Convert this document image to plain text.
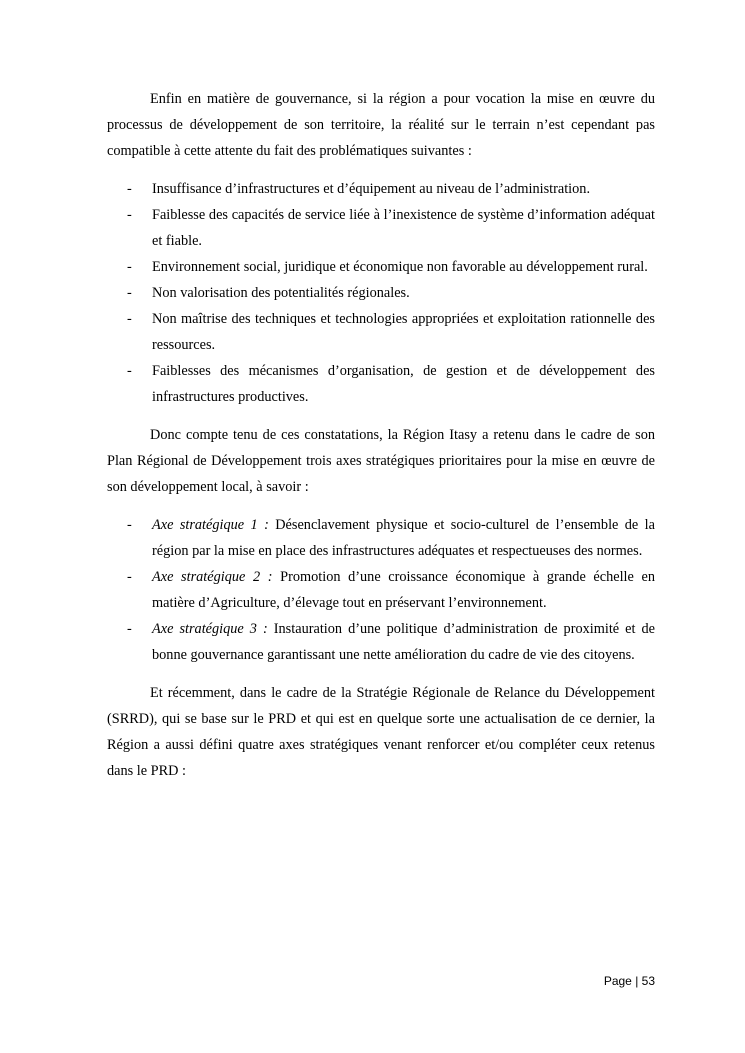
Enfin en matière de gouvernance, si la région a pour vocation la mise en œuvre du processus de développement de son territoire, la réalité sur le terrain n’est cependant pas compatible à cette attente du fait des problématiques suivantes :

- Insuffisance d’infrastructures et d’équipement au niveau de l’administration.
- Faiblesse des capacités de service liée à l’inexistence de système d’information adéquat et fiable.
- Environnement social, juridique et économique non favorable au développement rural.
- Non valorisation des potentialités régionales.
- Non maîtrise des techniques et technologies appropriées et exploitation rationnelle des ressources.
- Faiblesses des mécanismes d’organisation, de gestion et de développement des infrastructures productives.

Donc compte tenu de ces constatations, la Région Itasy a retenu dans le cadre de son Plan Régional de Développement trois axes stratégiques prioritaires pour la mise en œuvre de son développement local, à savoir :

- Axe stratégique 1 : Désenclavement physique et socio-culturel de l’ensemble de la région par la mise en place des infrastructures adéquates et respectueuses des normes.
- Axe stratégique 2 : Promotion d’une croissance économique à grande échelle en matière d’Agriculture, d’élevage tout en préservant l’environnement.
- Axe stratégique 3 : Instauration d’une politique d’administration de proximité et de bonne gouvernance garantissant une nette amélioration du cadre de vie des citoyens.

Et récemment, dans le cadre de la Stratégie Régionale de Relance du Développement (SRRD), qui se base sur le PRD et qui est en quelque sorte une actualisation de ce dernier, la Région a aussi défini quatre axes stratégiques venant renforcer et/ou compléter ceux retenus dans le PRD :

Page | 53
